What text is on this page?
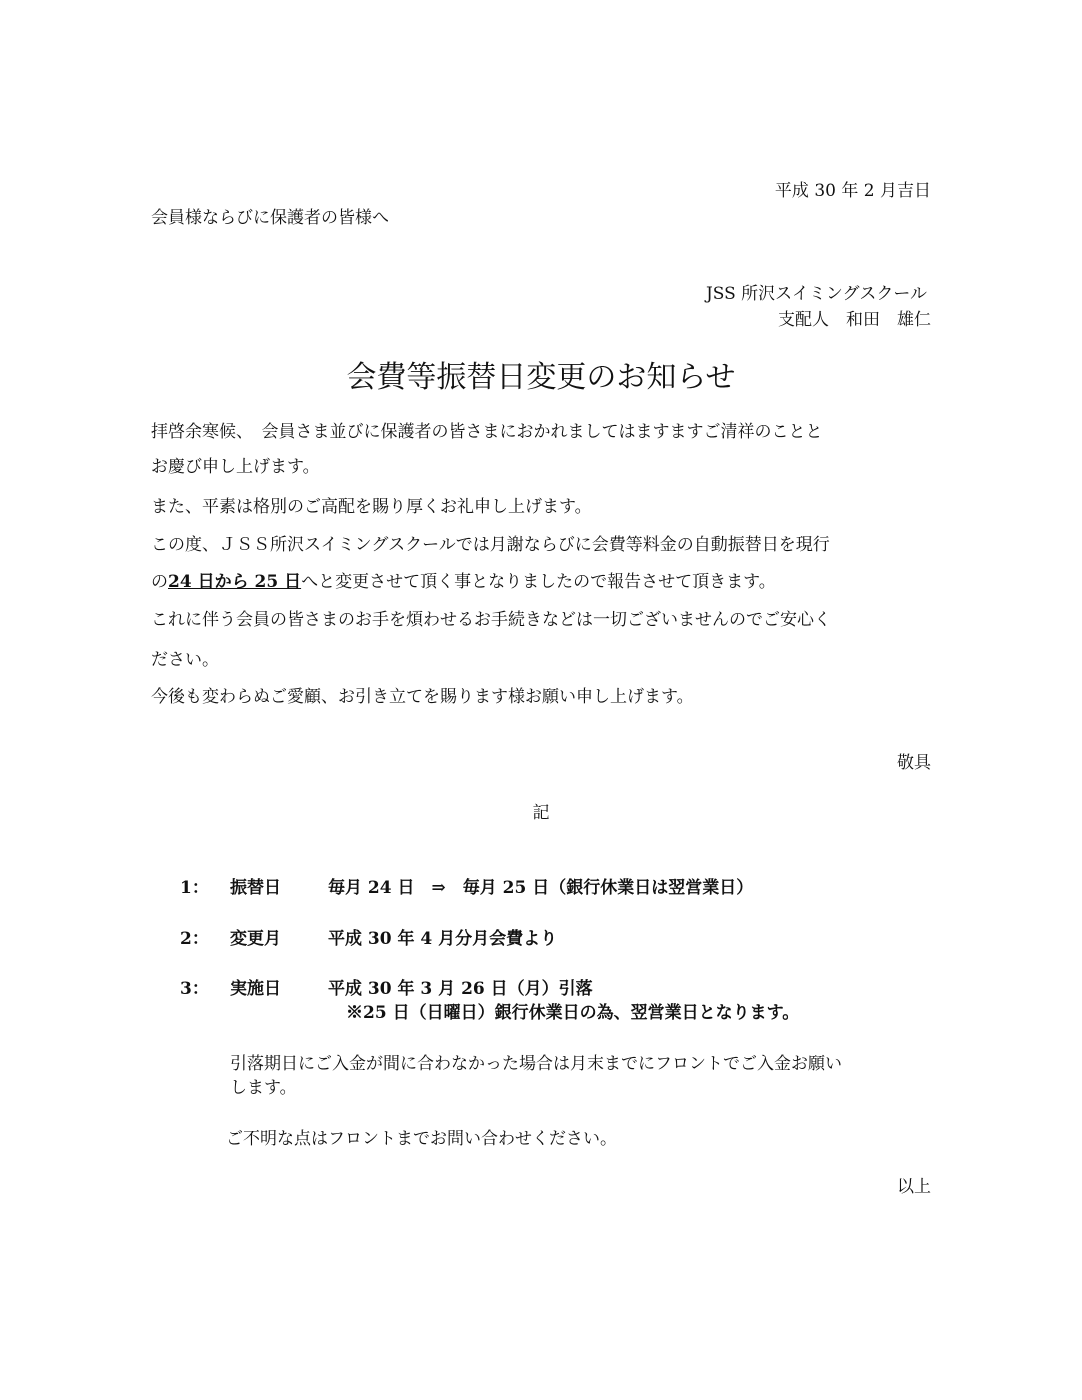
平成 30 年 2 月吉日
会員様ならびに保護者の皆様へ
JSS 所沢スイミングスクール
支配人　和田　雄仁
会費等振替日変更のお知らせ
拝啓余寒候、　会員さま並びに保護者の皆さまにおかれましてはますますご清祥のことと
お慶び申し上げます。
また、平素は格別のご高配を賜り厚くお礼申し上げます。
この度、ＪＳＳ所沢スイミングスクールでは月謝ならびに会費等料金の自動振替日を現行
の24 日から 25 日へと変更させて頂く事となりましたので報告させて頂きます。
これに伴う会員の皆さまのお手を煩わせるお手続きなどは一切ございませんのでご安心く
ださい。
今後も変わらぬご愛顧、お引き立てを賜ります様お願い申し上げます。
敬具
記
1： 振替日	毎月 24 日　⇒　毎月 25 日（銀行休業日は翌営業日）
2： 変更月	平成 30 年 4 月分月会費より
3： 実施日	平成 30 年 3 月 26 日（月）引落
※25 日（日曜日）銀行休業日の為、翌営業日となります。
引落期日にご入金が間に合わなかった場合は月末までにフロントでご入金お願い
します。
ご不明な点はフロントまでお問い合わせください。
以上
